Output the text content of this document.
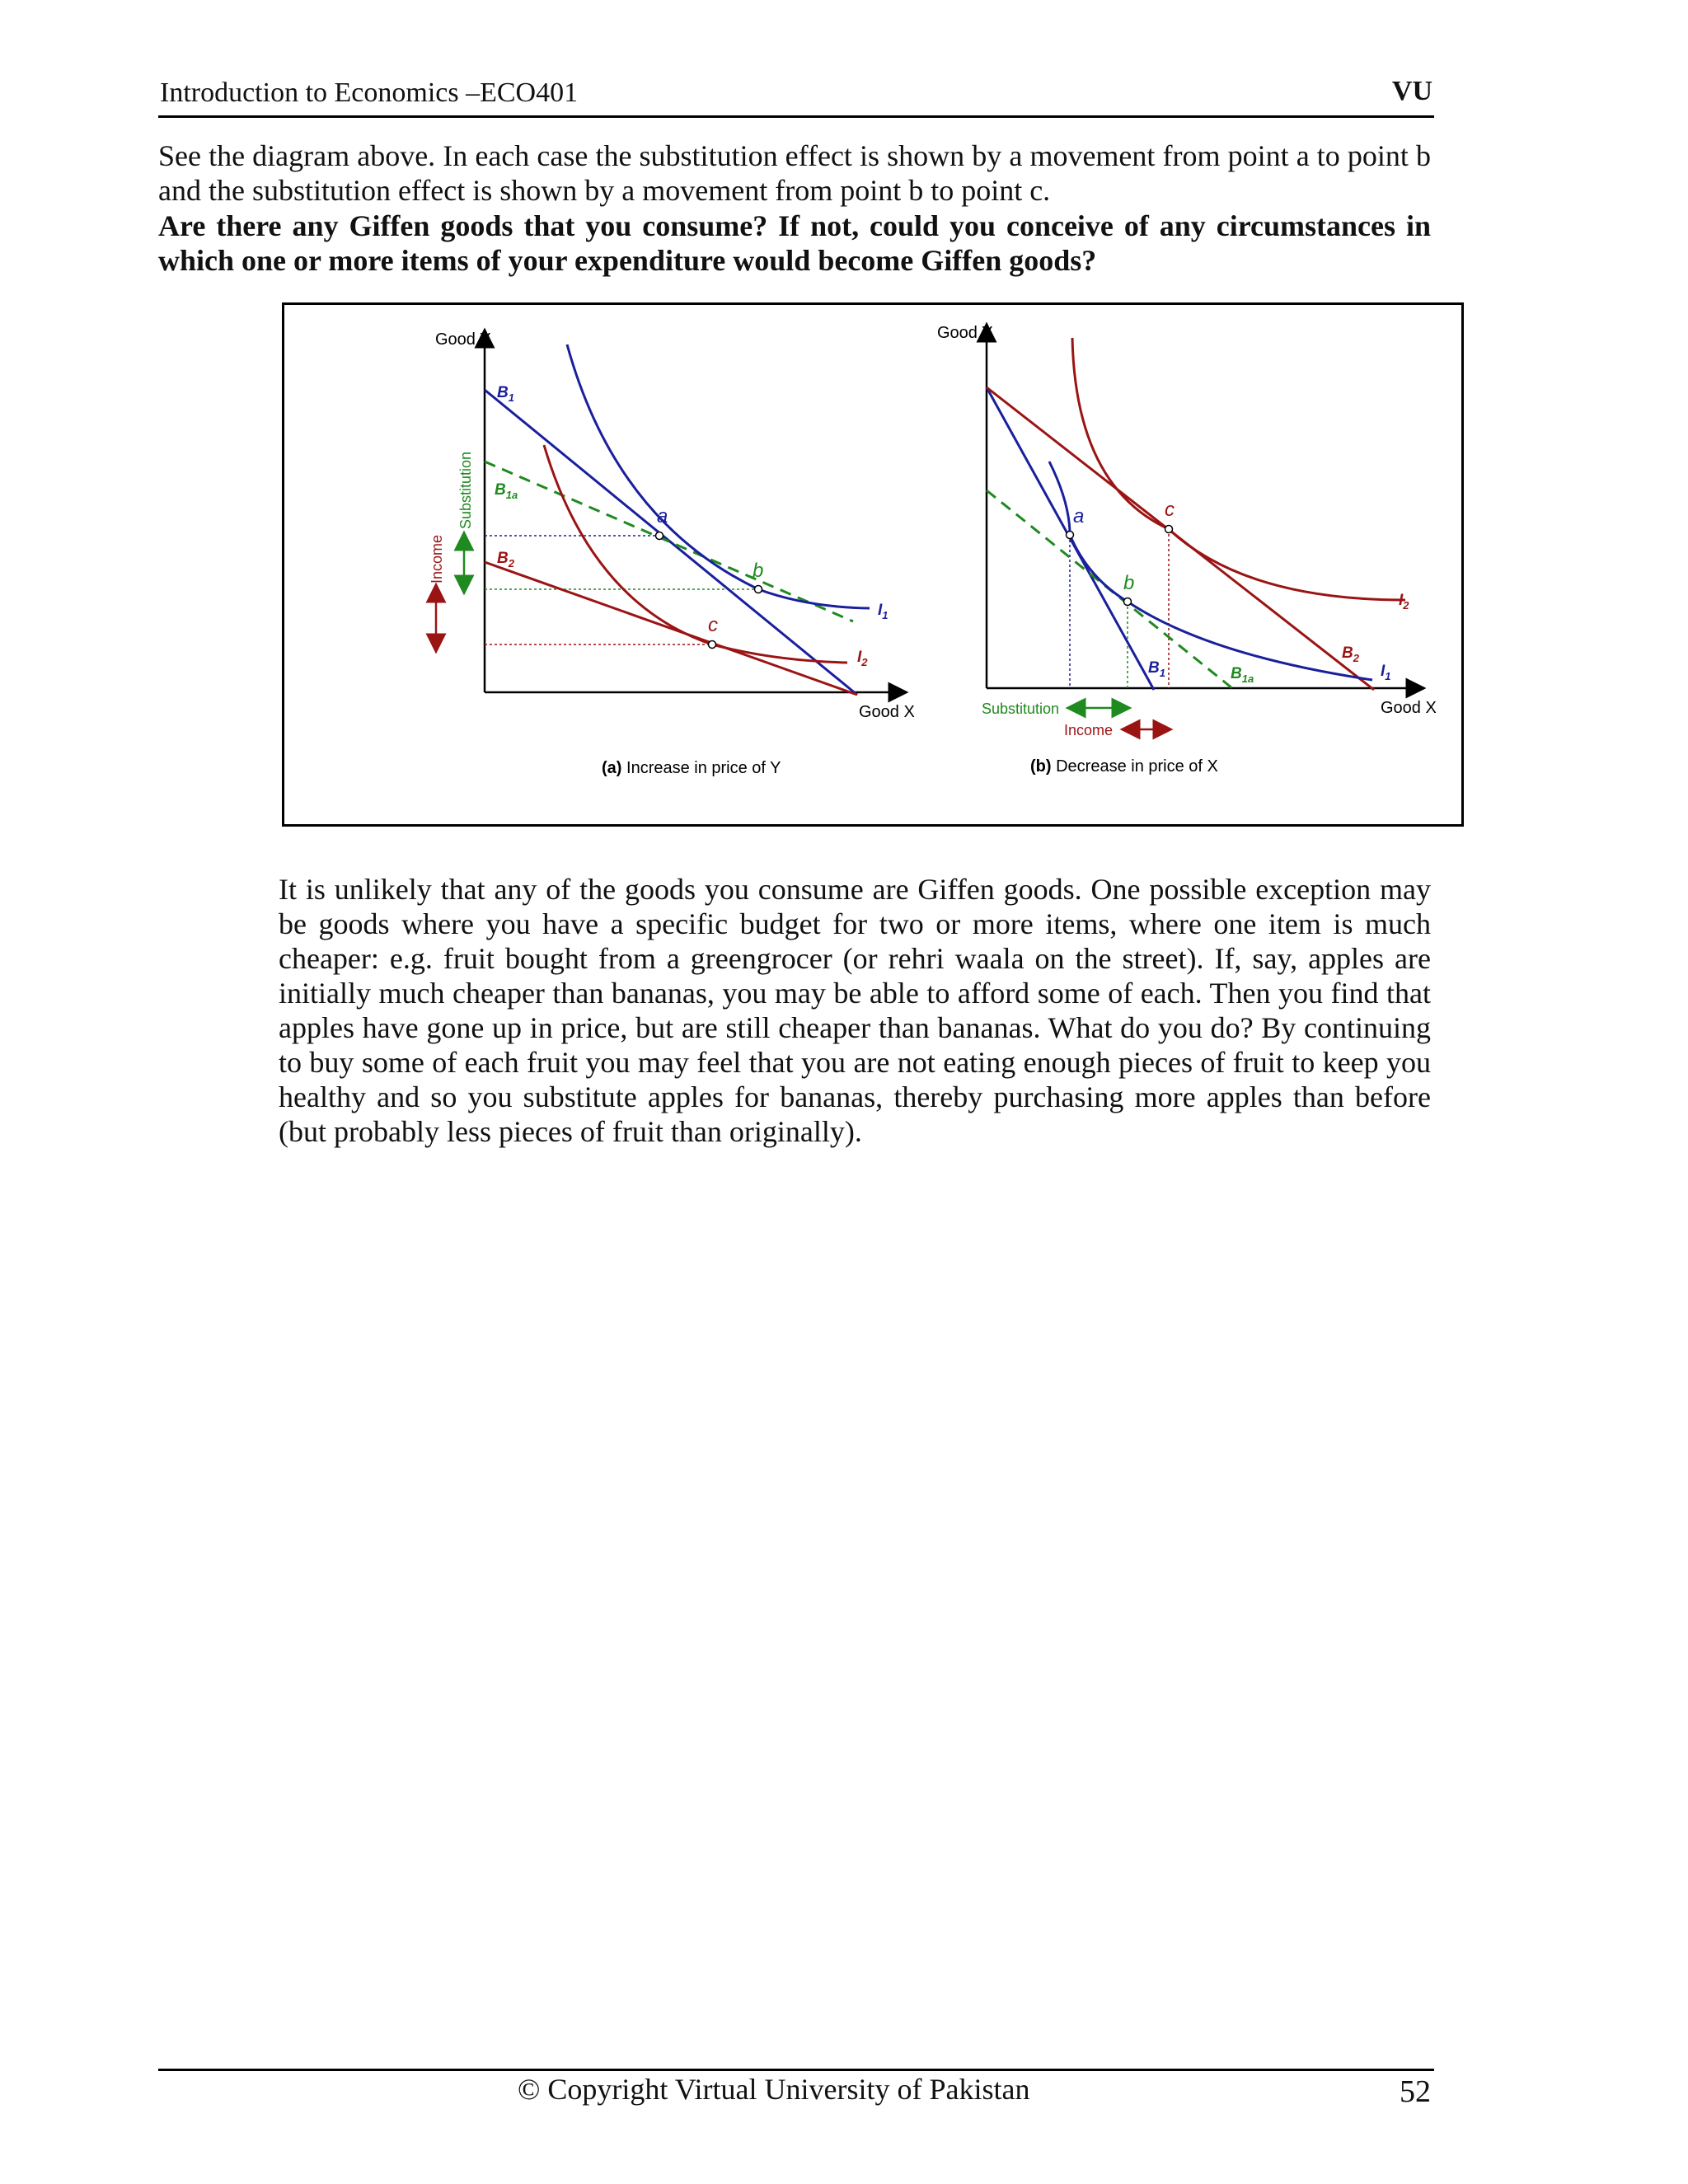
Introduction to Economics –ECO401	VU

See the diagram above. In each case the substitution effect is shown by a movement from point a to point b and the substitution effect is shown by a movement from point b to point c.

Are there any Giffen goods that you consume? If not, could you conceive of any circumstances in which one or more items of your expenditure would become Giffen goods?

Good Y
Good X
a
b
c
$B_1$
$B_{1a}$
$B_2$
$I_1$
$I_2$
Substitution
Income
(a) Increase in price of Y
Good Y
Good X
a
b
c
$B_1$	$B_{1a}$
$B_2$
$I_1$
$I_2$
Substitution
Income
(b) Decrease in price of X

It is unlikely that any of the goods you consume are Giffen goods. One possible exception may be goods where you have a specific budget for two or more items, where one item is much cheaper: e.g. fruit bought from a greengrocer (or rehri waala on the street). If, say, apples are initially much cheaper than bananas, you may be able to afford some of each. Then you find that apples have gone up in price, but are still cheaper than bananas. What do you do? By continuing to buy some of each fruit you may feel that you are not eating enough pieces of fruit to keep you healthy and so you substitute apples for bananas, thereby purchasing more apples than before (but probably less pieces of fruit than originally).

© Copyright Virtual University of Pakistan	52
